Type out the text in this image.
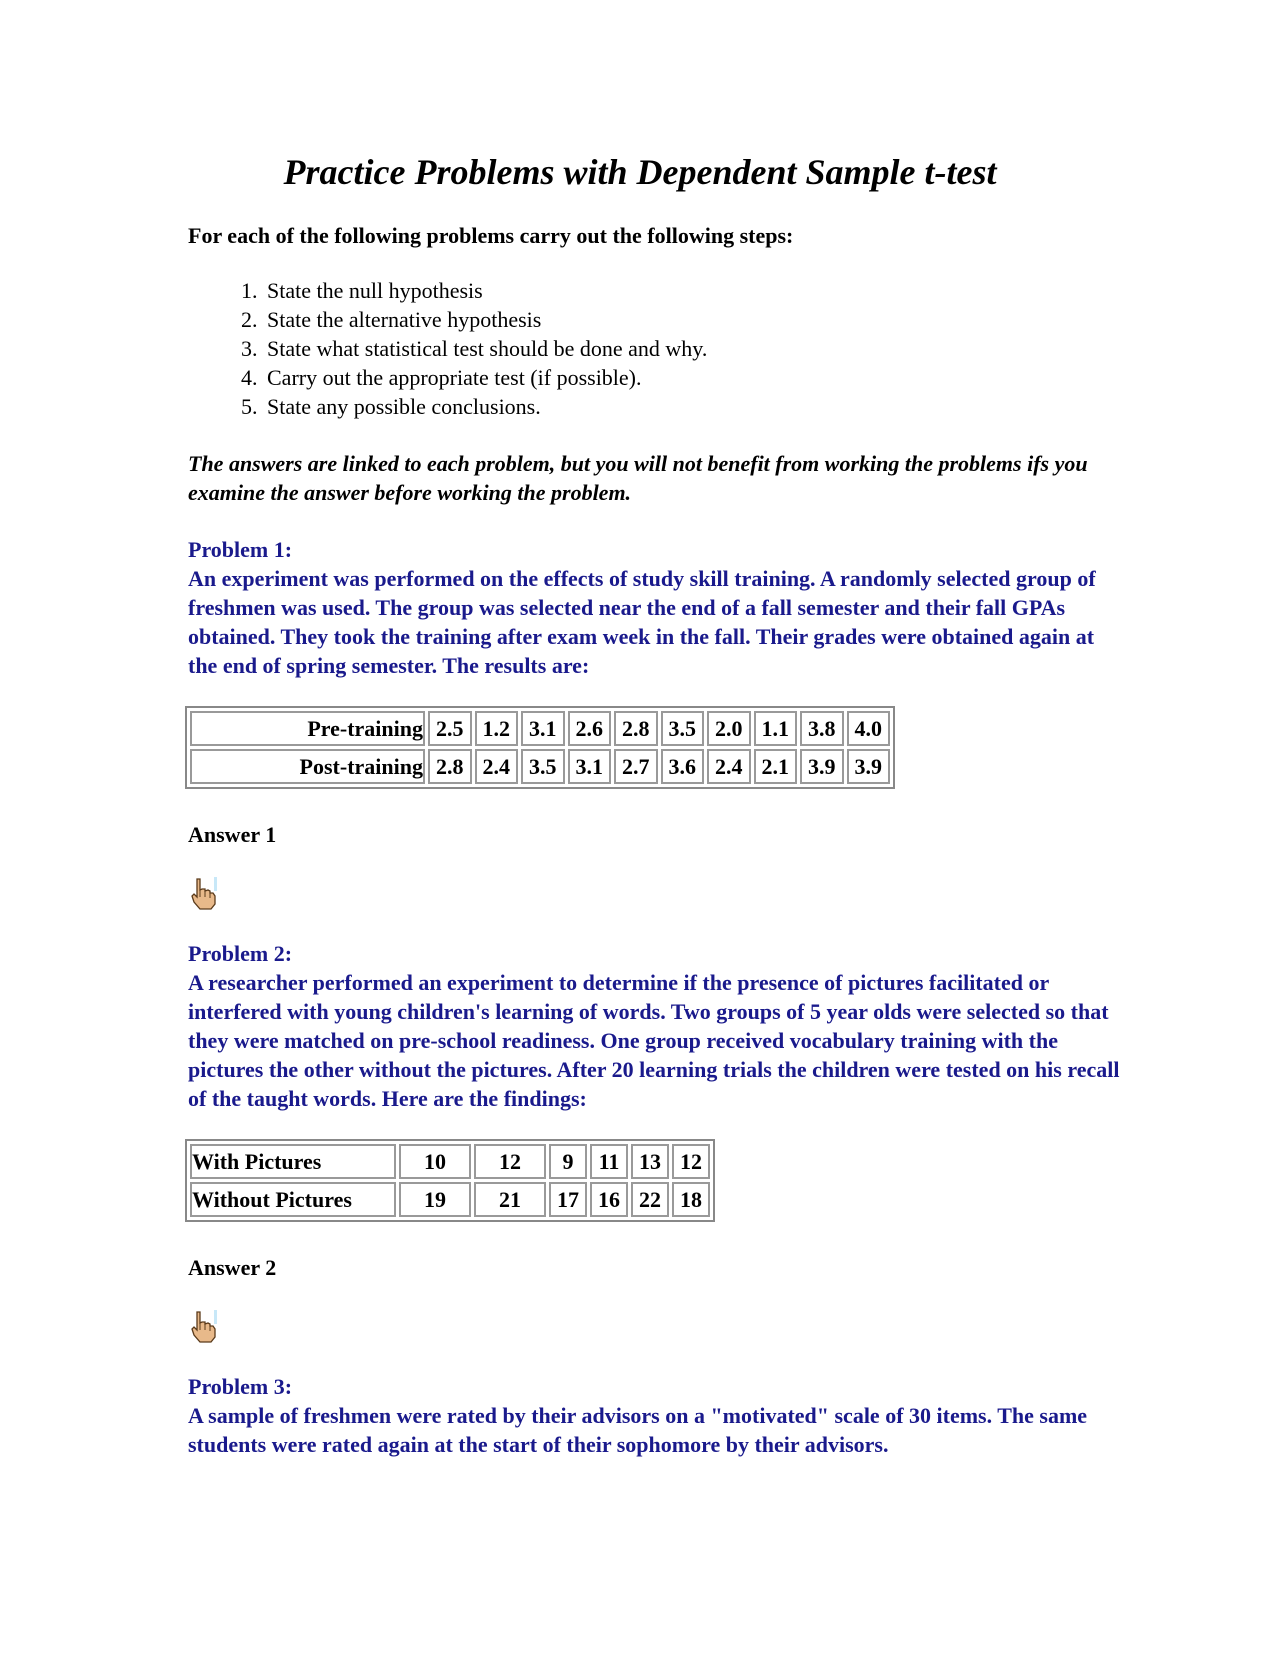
Practice Problems with Dependent Sample t-test

For each of the following problems carry out the following steps:

1. State the null hypothesis
2. State the alternative hypothesis
3. State what statistical test should be done and why.
4. Carry out the appropriate test (if possible).
5. State any possible conclusions.

The answers are linked to each problem, but you will not benefit from working the problems ifs you examine the answer before working the problem.

Problem 1:

An experiment was performed on the effects of study skill training. A randomly selected group of freshmen was used. The group was selected near the end of a fall semester and their fall GPAs obtained. They took the training after exam week in the fall. Their grades were obtained again at the end of spring semester. The results are:

Pre-training	2.5	1.2	3.1	2.6	2.8	3.5	2.0	1.1	3.8	4.0
Post-training	2.8	2.4	3.5	3.1	2.7	3.6	2.4	2.1	3.9	3.9
Answer 1

Problem 2:

A researcher performed an experiment to determine if the presence of pictures facilitated or interfered with young children's learning of words. Two groups of 5 year olds were selected so that they were matched on pre-school readiness. One group received vocabulary training with the pictures the other without the pictures. After 20 learning trials the children were tested on his recall of the taught words. Here are the findings:

With Pictures	10	12	9	11	13	12
Without Pictures	19	21	17	16	22	18
Answer 2

Problem 3:

A sample of freshmen were rated by their advisors on a "motivated" scale of 30 items. The same students were rated again at the start of their sophomore by their advisors.
